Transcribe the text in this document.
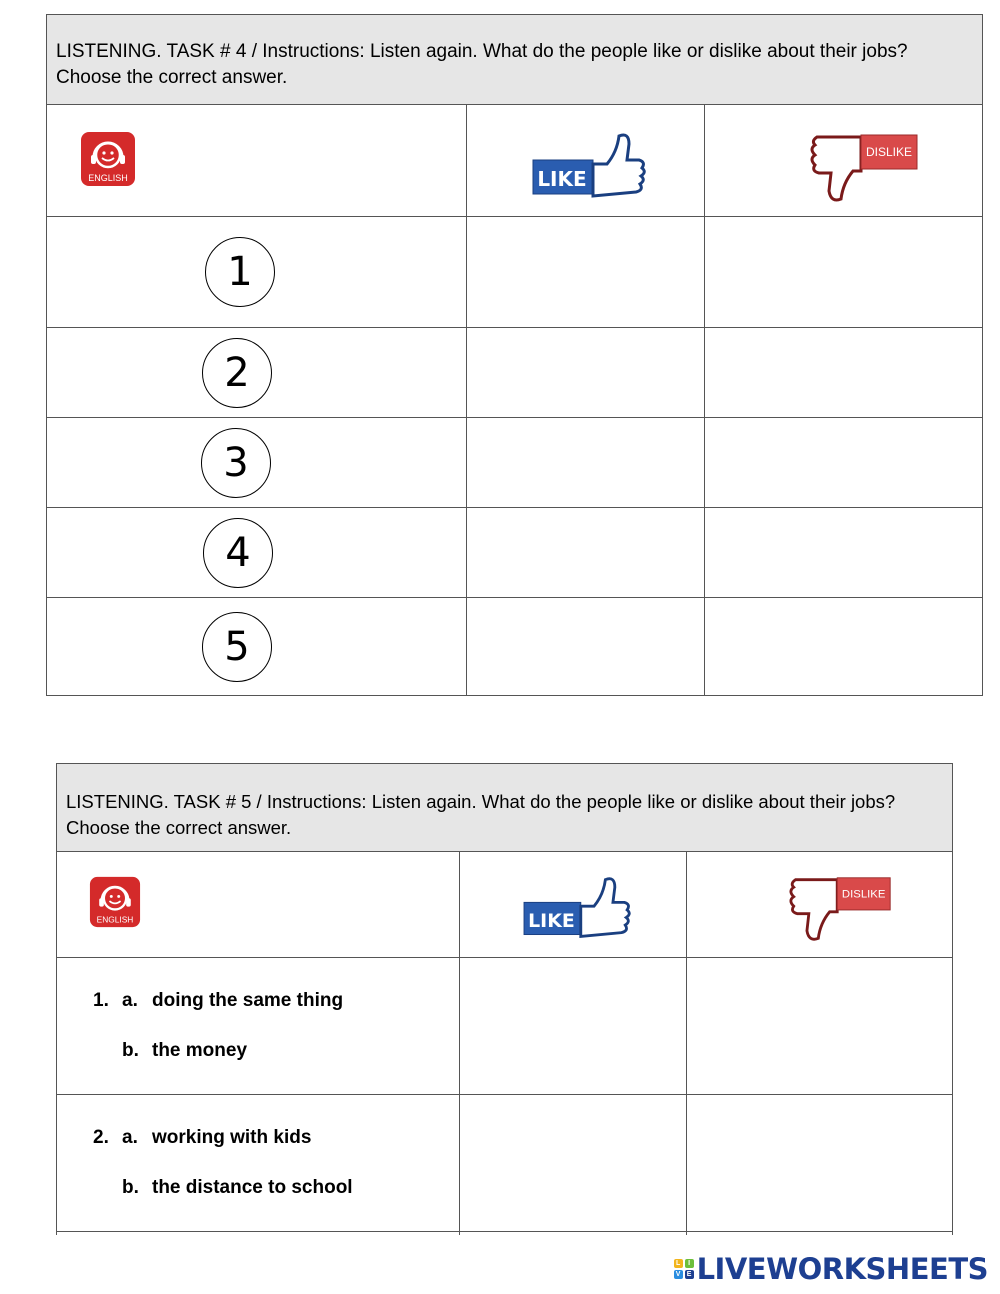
LISTENING. TASK # 4 / Instructions: Listen again. What do the people like or dislike about their jobs? Choose the correct answer.		

ENGLISH	LIKE	DISLIKE

1		

2		

3		

4		

5		

LISTENING. TASK # 5 / Instructions: Listen again. What do the people like or dislike about their jobs? Choose the correct answer.		

ENGLISH	LIKE	DISLIKE

1. a. doing the same thing
b. the money		

2. a. working with kids
b. the distance to school		

L	I
V E LIVEWORKSHEETS
